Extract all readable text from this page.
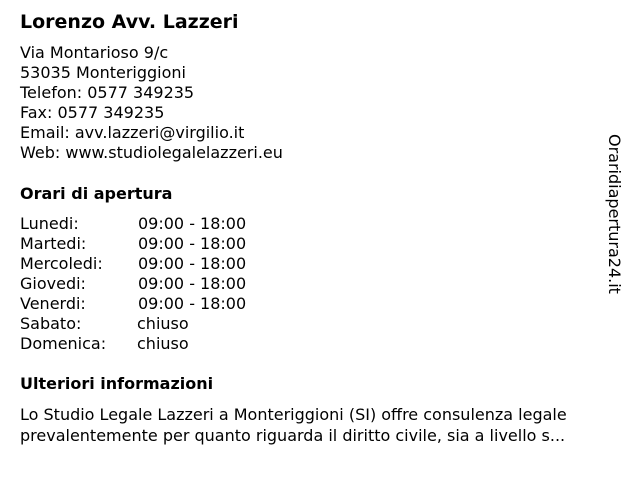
Lorenzo Avv. Lazzeri
Via Montarioso 9/c
53035 Monteriggioni
Telefon: 0577 349235
Fax: 0577 349235
Email: avv.lazzeri@virgilio.it
Web: www.studiolegalelazzeri.eu
Orari di apertura
Lunedi:	09:00 - 18:00
Martedi:	09:00 - 18:00
Mercoledi: 09:00 - 18:00
Giovedi:	09:00 - 18:00
Venerdi:	09:00 - 18:00
Sabato:	chiuso
Domenica: chiuso
Ulteriori informazioni
Lo Studio Legale Lazzeri a Monteriggioni (SI) offre consulenza legale
prevalentemente per quanto riguarda il diritto civile, sia a livello s...
Oraridiapertura24.it
